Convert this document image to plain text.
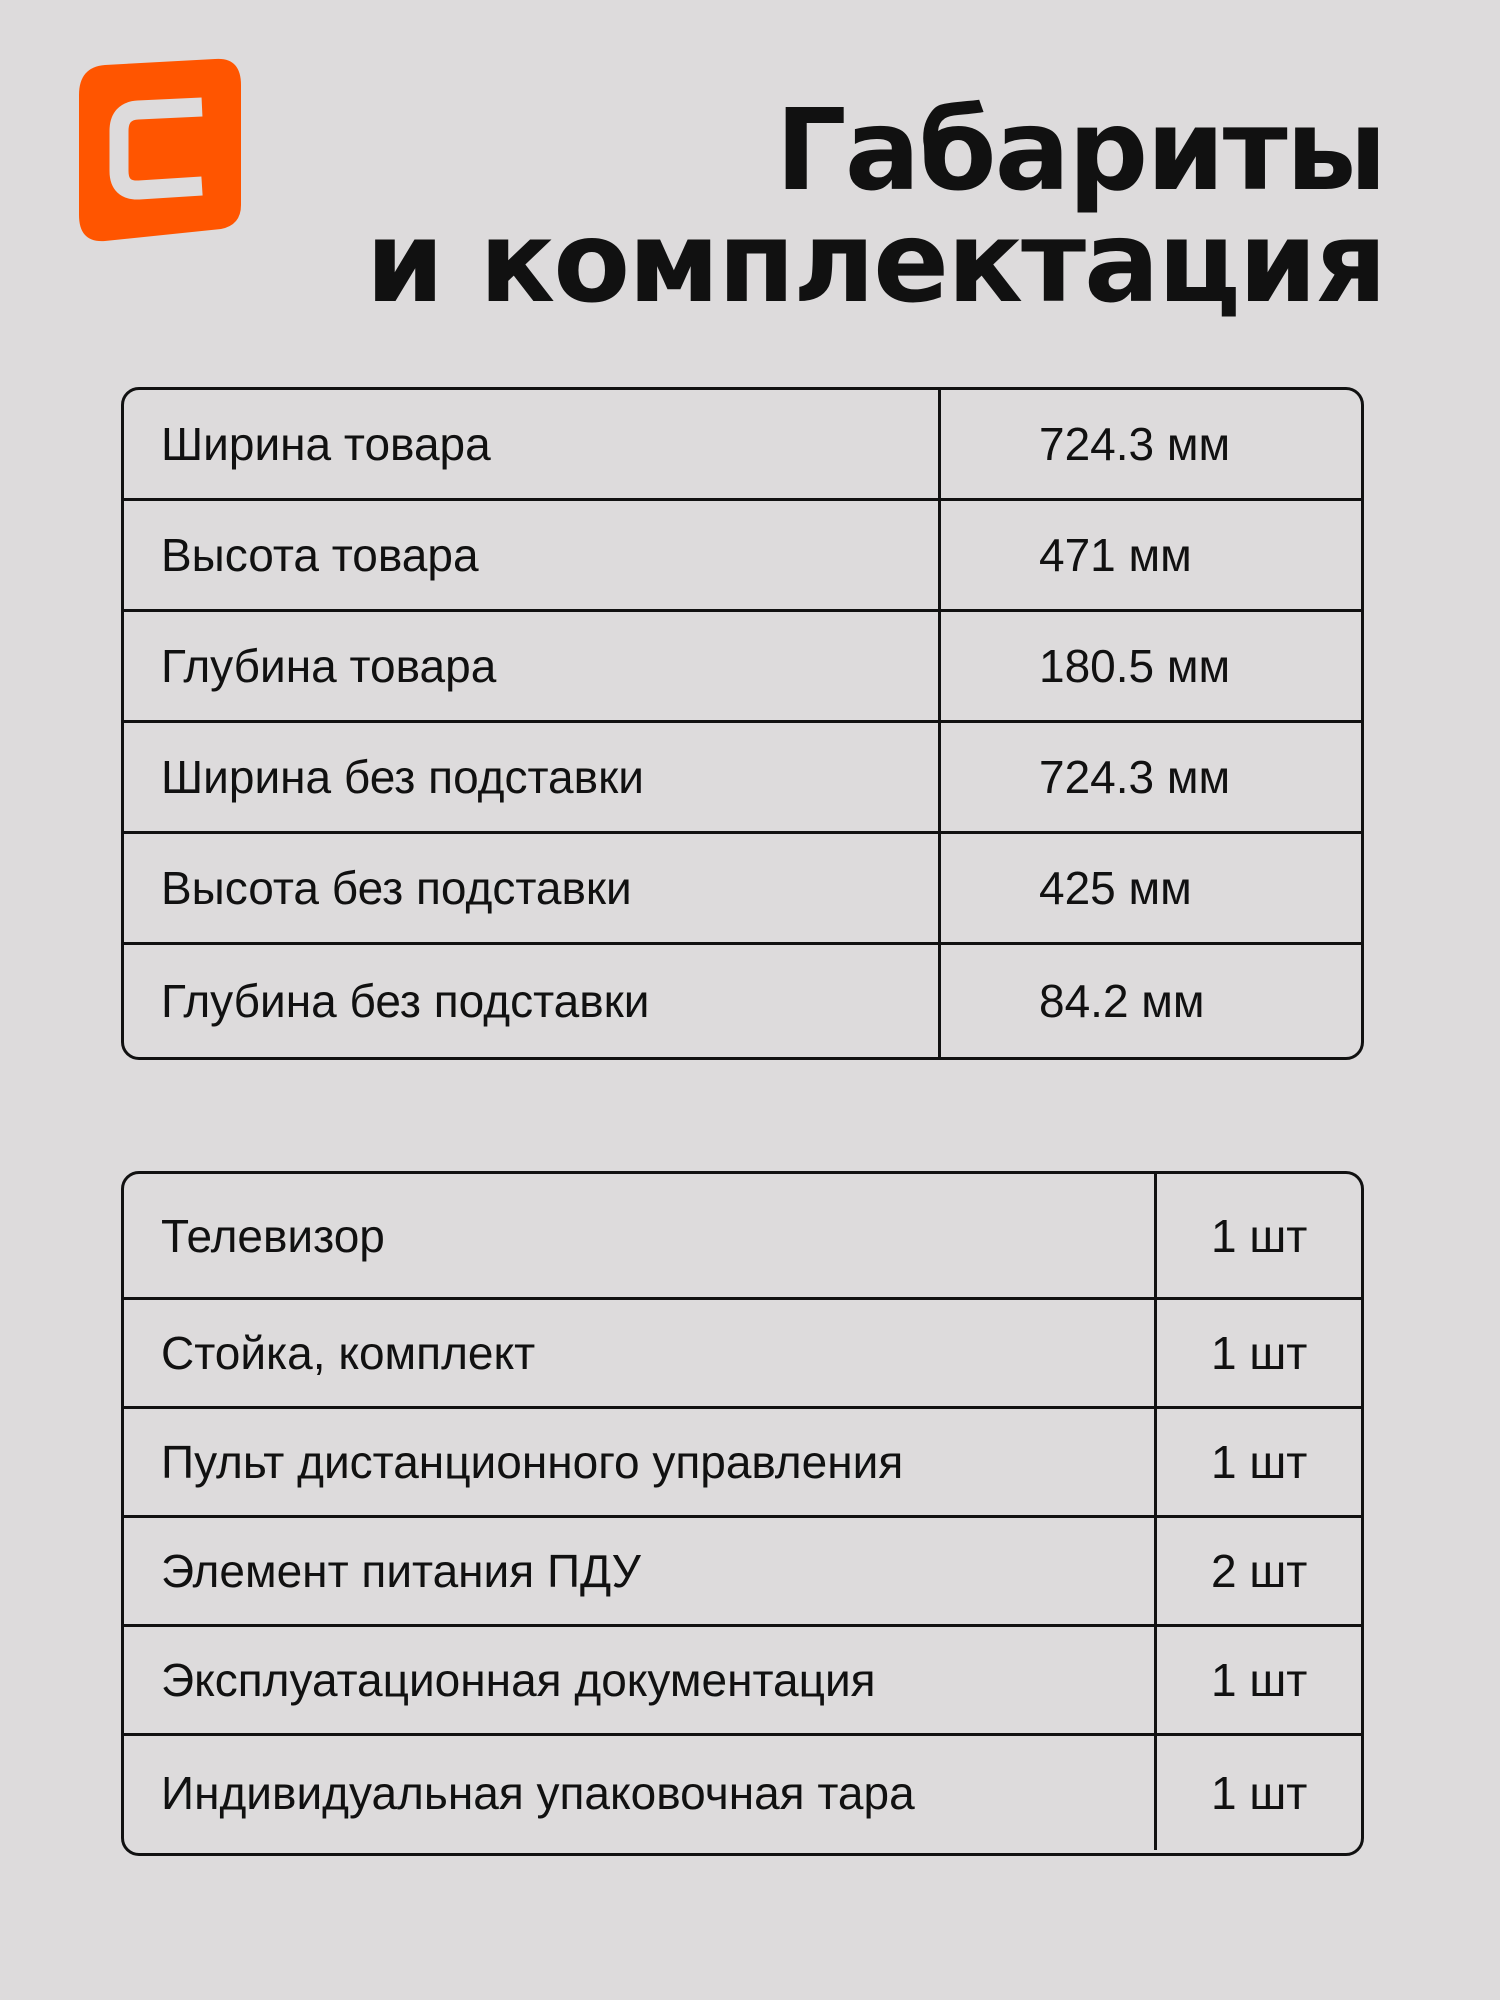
Габариты
и комплектация
Ширина товара	724.3 мм
Высота товара	471 мм
Глубина товара	180.5 мм
Ширина без подставки	724.3 мм
Высота без подставки	425 мм
Глубина без подставки	84.2 мм
Телевизор	1 шт
Стойка, комплект	1 шт
Пульт дистанционного управления	1 шт
Элемент питания ПДУ	2 шт
Эксплуатационная документация	1 шт
Индивидуальная упаковочная тара	1 шт
